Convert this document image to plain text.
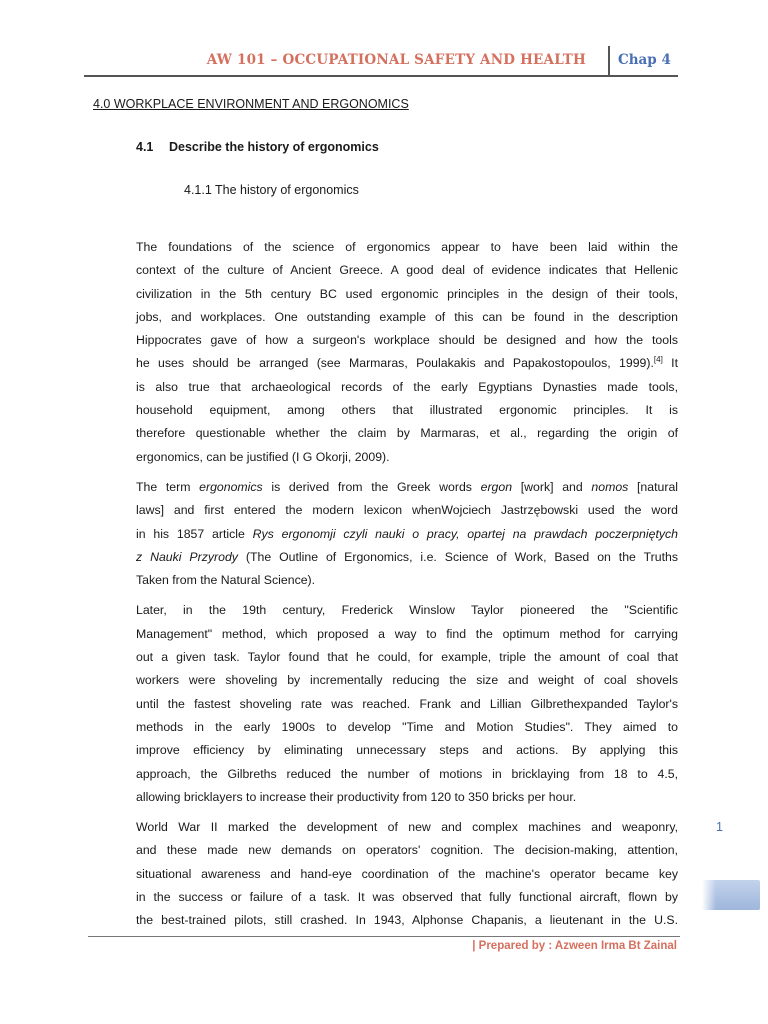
AW 101 – OCCUPATIONAL SAFETY AND HEALTH Chap 4
4.0 WORKPLACE ENVIRONMENT AND ERGONOMICS
4.1 Describe the history of ergonomics
4.1.1 The history of ergonomics
The foundations of the science of ergonomics appear to have been laid within the
context of the culture of Ancient Greece. A good deal of evidence indicates that Hellenic
civilization in the 5th century BC used ergonomic principles in the design of their tools,
jobs, and workplaces. One outstanding example of this can be found in the description
Hippocrates gave of how a surgeon's workplace should be designed and how the tools
he uses should be arranged (see Marmaras, Poulakakis and Papakostopoulos, 1999).[4] It
is also true that archaeological records of the early Egyptians Dynasties made tools,
household equipment, among others that illustrated ergonomic principles. It is
therefore questionable whether the claim by Marmaras, et al., regarding the origin of
ergonomics, can be justified (I G Okorji, 2009).
The term ergonomics is derived from the Greek words ergon [work] and nomos [natural
laws] and first entered the modern lexicon whenWojciech Jastrzębowski used the word
in his 1857 article Rys ergonomji czyli nauki o pracy, opartej na prawdach poczerpniętych
z Nauki Przyrody (The Outline of Ergonomics, i.e. Science of Work, Based on the Truths
Taken from the Natural Science).
Later, in the 19th century, Frederick Winslow Taylor pioneered the "Scientific
Management" method, which proposed a way to find the optimum method for carrying
out a given task. Taylor found that he could, for example, triple the amount of coal that
workers were shoveling by incrementally reducing the size and weight of coal shovels
until the fastest shoveling rate was reached. Frank and Lillian Gilbrethexpanded Taylor's
methods in the early 1900s to develop "Time and Motion Studies". They aimed to
improve efficiency by eliminating unnecessary steps and actions. By applying this
approach, the Gilbreths reduced the number of motions in bricklaying from 18 to 4.5,
allowing bricklayers to increase their productivity from 120 to 350 bricks per hour.
World War II marked the development of new and complex machines and weaponry,
and these made new demands on operators' cognition. The decision-making, attention,
situational awareness and hand-eye coordination of the machine's operator became key
in the success or failure of a task. It was observed that fully functional aircraft, flown by
the best-trained pilots, still crashed. In 1943, Alphonse Chapanis, a lieutenant in the U.S.
1
| Prepared by : Azween Irma Bt Zainal
